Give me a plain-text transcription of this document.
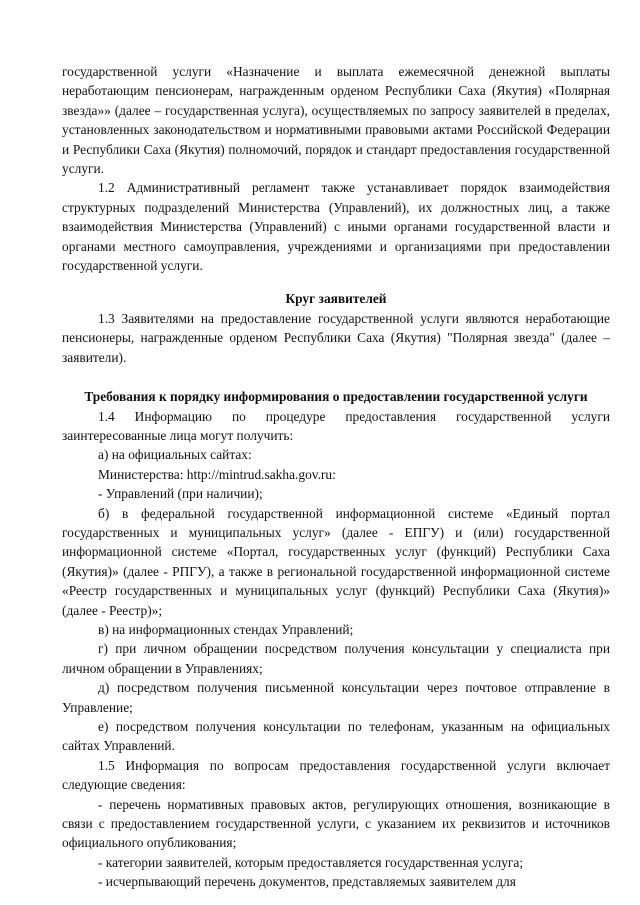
государственной услуги «Назначение и выплата ежемесячной денежной выплаты неработающим пенсионерам, награжденным орденом Республики Саха (Якутия) «Полярная звезда»» (далее – государственная услуга), осуществляемых по запросу заявителей в пределах, установленных законодательством и нормативными правовыми актами Российской Федерации и Республики Саха (Якутия) полномочий, порядок и стандарт предоставления государственной услуги.

1.2 Административный регламент также устанавливает порядок взаимодействия структурных подразделений Министерства (Управлений), их должностных лиц, а также взаимодействия Министерства (Управлений) с иными органами государственной власти и органами местного самоуправления, учреждениями и организациями при предоставлении государственной услуги.

Круг заявителей

1.3 Заявителями на предоставление государственной услуги являются неработающие пенсионеры, награжденные орденом Республики Саха (Якутия) "Полярная звезда" (далее – заявители).

Требования к порядку информирования о предоставлении государственной услуги

1.4 Информацию по процедуре предоставления государственной услуги заинтересованные лица могут получить:

а) на официальных сайтах:

Министерства: http://mintrud.sakha.gov.ru:

- Управлений (при наличии);

б) в федеральной государственной информационной системе «Единый портал государственных и муниципальных услуг» (далее - ЕПГУ) и (или) государственной информационной системе «Портал, государственных услуг (функций) Республики Саха (Якутия)» (далее - РПГУ), а также в региональной государственной информационной системе «Реестр государственных и муниципальных услуг (функций) Республики Саха (Якутия)» (далее - Реестр)»;

в) на информационных стендах Управлений;

г) при личном обращении посредством получения консультации у специалиста при личном обращении в Управлениях;

д) посредством получения письменной консультации через почтовое отправление в Управление;

е) посредством получения консультации по телефонам, указанным на официальных сайтах Управлений.

1.5 Информация по вопросам предоставления государственной услуги включает следующие сведения:

- перечень нормативных правовых актов, регулирующих отношения, возникающие в связи с предоставлением государственной услуги, с указанием их реквизитов и источников официального опубликования;

- категории заявителей, которым предоставляется государственная услуга;

- исчерпывающий перечень документов, представляемых заявителем для
